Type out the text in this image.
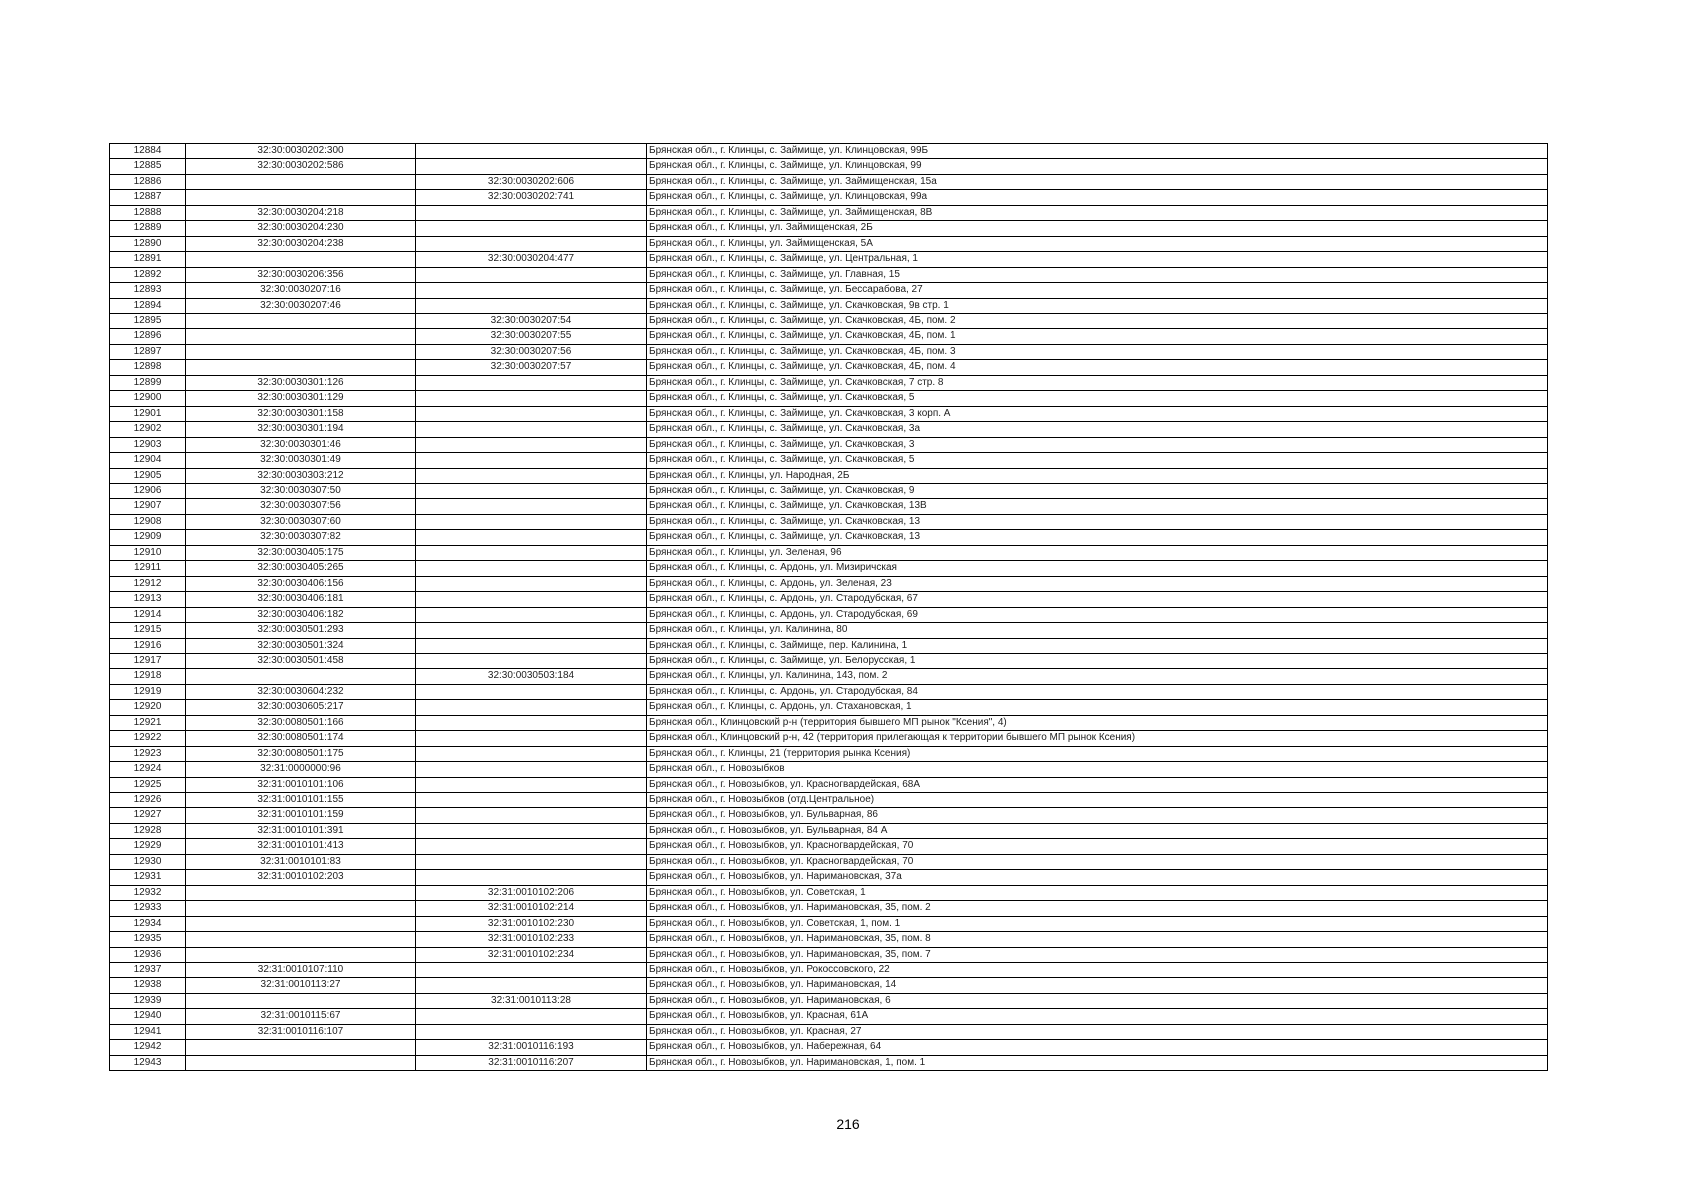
12884	32:30:0030202:300		Брянская обл., г. Клинцы, с. Займище, ул. Клинцовская, 99Б
12885	32:30:0030202:586		Брянская обл., г. Клинцы, с. Займище, ул. Клинцовская, 99
12886		32:30:0030202:606	Брянская обл., г. Клинцы, с. Займище, ул. Займищенская, 15а
12887		32:30:0030202:741	Брянская обл., г. Клинцы, с. Займище, ул. Клинцовская, 99а
12888	32:30:0030204:218		Брянская обл., г. Клинцы, с. Займище, ул. Займищенская, 8В
12889	32:30:0030204:230		Брянская обл., г. Клинцы, ул. Займищенская, 2Б
12890	32:30:0030204:238		Брянская обл., г. Клинцы, ул. Займищенская, 5А
12891		32:30:0030204:477	Брянская обл., г. Клинцы, с. Займище, ул. Центральная, 1
12892	32:30:0030206:356		Брянская обл., г. Клинцы, с. Займище, ул. Главная, 15
12893	32:30:0030207:16		Брянская обл., г. Клинцы, с. Займище, ул. Бессарабова, 27
12894	32:30:0030207:46		Брянская обл., г. Клинцы, с. Займище, ул. Скачковская, 9в стр. 1
12895		32:30:0030207:54	Брянская обл., г. Клинцы, с. Займище, ул. Скачковская, 4Б, пом. 2
12896		32:30:0030207:55	Брянская обл., г. Клинцы, с. Займище, ул. Скачковская, 4Б, пом. 1
12897		32:30:0030207:56	Брянская обл., г. Клинцы, с. Займище, ул. Скачковская, 4Б, пом. 3
12898		32:30:0030207:57	Брянская обл., г. Клинцы, с. Займище, ул. Скачковская, 4Б, пом. 4
12899	32:30:0030301:126		Брянская обл., г. Клинцы, с. Займище, ул. Скачковская, 7 стр. 8
12900	32:30:0030301:129		Брянская обл., г. Клинцы, с. Займище, ул. Скачковская, 5
12901	32:30:0030301:158		Брянская обл., г. Клинцы, с. Займище, ул. Скачковская, 3 корп. А
12902	32:30:0030301:194		Брянская обл., г. Клинцы, с. Займище, ул. Скачковская, 3а
12903	32:30:0030301:46		Брянская обл., г. Клинцы, с. Займище, ул. Скачковская, 3
12904	32:30:0030301:49		Брянская обл., г. Клинцы, с. Займище, ул. Скачковская, 5
12905	32:30:0030303:212		Брянская обл., г. Клинцы, ул. Народная, 2Б
12906	32:30:0030307:50		Брянская обл., г. Клинцы, с. Займище, ул. Скачковская, 9
12907	32:30:0030307:56		Брянская обл., г. Клинцы, с. Займище, ул. Скачковская, 13В
12908	32:30:0030307:60		Брянская обл., г. Клинцы, с. Займище, ул. Скачковская, 13
12909	32:30:0030307:82		Брянская обл., г. Клинцы, с. Займище, ул. Скачковская, 13
12910	32:30:0030405:175		Брянская обл., г. Клинцы, ул. Зеленая, 96
12911	32:30:0030405:265		Брянская обл., г. Клинцы, с. Ардонь, ул. Мизиричская
12912	32:30:0030406:156		Брянская обл., г. Клинцы, с. Ардонь, ул. Зеленая, 23
12913	32:30:0030406:181		Брянская обл., г. Клинцы, с. Ардонь, ул. Стародубская, 67
12914	32:30:0030406:182		Брянская обл., г. Клинцы, с. Ардонь, ул. Стародубская, 69
12915	32:30:0030501:293		Брянская обл., г. Клинцы, ул. Калинина, 80
12916	32:30:0030501:324		Брянская обл., г. Клинцы, с. Займище, пер. Калинина, 1
12917	32:30:0030501:458		Брянская обл., г. Клинцы, с. Займище, ул. Белорусская, 1
12918		32:30:0030503:184	Брянская обл., г. Клинцы, ул. Калинина, 143, пом. 2
12919	32:30:0030604:232		Брянская обл., г. Клинцы, с. Ардонь, ул. Стародубская, 84
12920	32:30:0030605:217		Брянская обл., г. Клинцы, с. Ардонь, ул. Стахановская, 1
12921	32:30:0080501:166		Брянская обл., Клинцовский р-н (территория бывшего МП рынок "Ксения", 4)
12922	32:30:0080501:174		Брянская обл., Клинцовский р-н, 42 (территория прилегающая к территории бывшего МП рынок Ксения)
12923	32:30:0080501:175		Брянская обл., г. Клинцы, 21 (территория рынка Ксения)
12924	32:31:0000000:96		Брянская обл., г. Новозыбков
12925	32:31:0010101:106		Брянская обл., г. Новозыбков, ул. Красногвардейская, 68А
12926	32:31:0010101:155		Брянская обл., г. Новозыбков (отд.Центральное)
12927	32:31:0010101:159		Брянская обл., г. Новозыбков, ул. Бульварная, 86
12928	32:31:0010101:391		Брянская обл., г. Новозыбков, ул. Бульварная, 84 А
12929	32:31:0010101:413		Брянская обл., г. Новозыбков, ул. Красногвардейская, 70
12930	32:31:0010101:83		Брянская обл., г. Новозыбков, ул. Красногвардейская, 70
12931	32:31:0010102:203		Брянская обл., г. Новозыбков, ул. Наримановская, 37а
12932		32:31:0010102:206	Брянская обл., г. Новозыбков, ул. Советская, 1
12933		32:31:0010102:214	Брянская обл., г. Новозыбков, ул. Наримановская, 35, пом. 2
12934		32:31:0010102:230	Брянская обл., г. Новозыбков, ул. Советская, 1, пом. 1
12935		32:31:0010102:233	Брянская обл., г. Новозыбков, ул. Наримановская, 35, пом. 8
12936		32:31:0010102:234	Брянская обл., г. Новозыбков, ул. Наримановская, 35, пом. 7
12937	32:31:0010107:110		Брянская обл., г. Новозыбков, ул. Рокоссовского, 22
12938	32:31:0010113:27		Брянская обл., г. Новозыбков, ул. Наримановская, 14
12939		32:31:0010113:28	Брянская обл., г. Новозыбков, ул. Наримановская, 6
12940	32:31:0010115:67		Брянская обл., г. Новозыбков, ул. Красная, 61А
12941	32:31:0010116:107		Брянская обл., г. Новозыбков, ул. Красная, 27
12942		32:31:0010116:193	Брянская обл., г. Новозыбков, ул. Набережная, 64
12943		32:31:0010116:207	Брянская обл., г. Новозыбков, ул. Наримановская, 1, пом. 1
216
